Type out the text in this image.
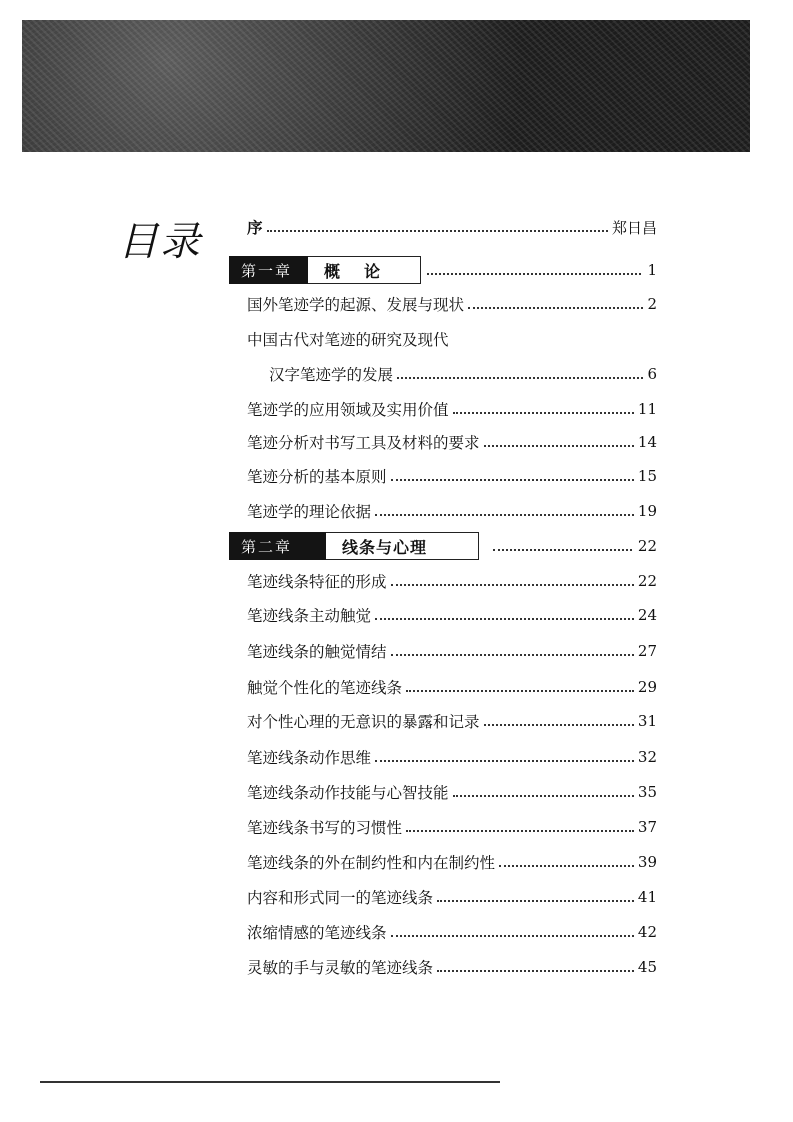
目录	序	郑日昌
第一章	概　论	1
国外笔迹学的起源、发展与现状	2
中国古代对笔迹的研究及现代
汉字笔迹学的发展	6
笔迹学的应用领域及实用价值	11
笔迹分析对书写工具及材料的要求	14
笔迹分析的基本原则	15
笔迹学的理论依据	19
第二章	线条与心理	22
笔迹线条特征的形成	22
笔迹线条主动触觉	24
笔迹线条的触觉情结	27
触觉个性化的笔迹线条	29
对个性心理的无意识的暴露和记录	31
笔迹线条动作思维	32
笔迹线条动作技能与心智技能	35
笔迹线条书写的习惯性	37
笔迹线条的外在制约性和内在制约性	39
内容和形式同一的笔迹线条	41
浓缩情感的笔迹线条	42
灵敏的手与灵敏的笔迹线条	45
